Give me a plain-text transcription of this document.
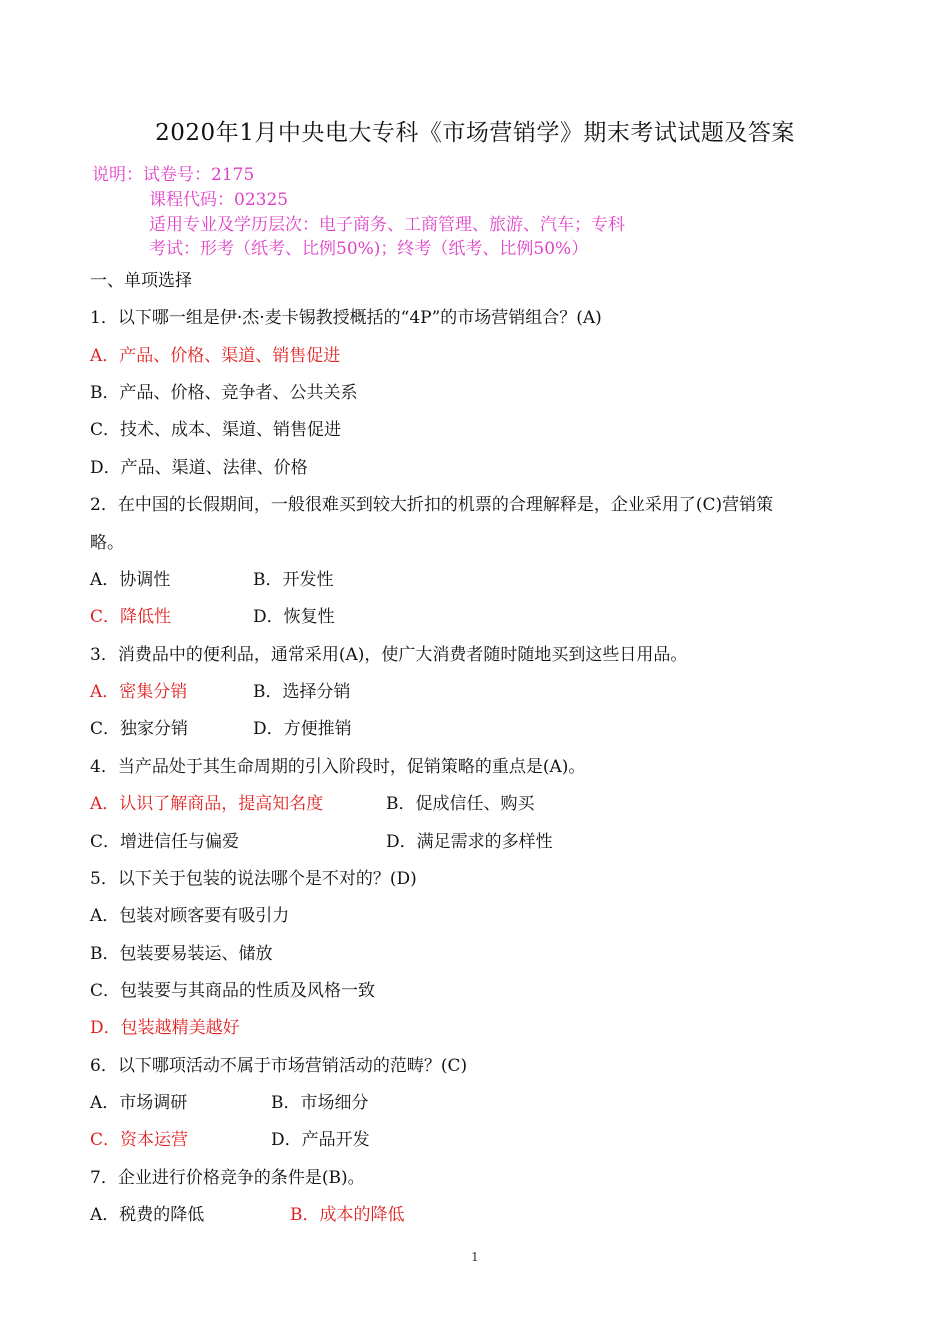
2020年1月中央电大专科《市场营销学》期末考试试题及答案
说明：试卷号：2175
课程代码：02325
适用专业及学历层次：电子商务、工商管理、旅游、汽车；专科
考试：形考（纸考、比例50%)；终考（纸考、比例50%）
一、单项选择
1．以下哪一组是伊·杰·麦卡锡教授概括的“4P”的市场营销组合？(A)
A．产品、价格、渠道、销售促进
B．产品、价格、竞争者、公共关系
C．技术、成本、渠道、销售促进
D．产品、渠道、法律、价格
2．在中国的长假期间，一般很难买到较大折扣的机票的合理解释是，企业采用了(C)营销策
略。
A．协调性	B．开发性
C．降低性	D．恢复性
3．消费品中的便利品，通常采用(A)，使广大消费者随时随地买到这些日用品。
A．密集分销	B．选择分销
C．独家分销	D．方便推销
4．当产品处于其生命周期的引入阶段时，促销策略的重点是(A)。
A．认识了解商品，提高知名度	B．促成信任、购买
C．增进信任与偏爱	D．满足需求的多样性
5．以下关于包装的说法哪个是不对的？(D)
A．包装对顾客要有吸引力
B．包装要易装运、储放
C．包装要与其商品的性质及风格一致
D．包装越精美越好
6．以下哪项活动不属于市场营销活动的范畴？(C)
A．市场调研	B．市场细分
C．资本运营	D．产品开发
7．企业进行价格竞争的条件是(B)。
A．税费的降低	B．成本的降低
1
